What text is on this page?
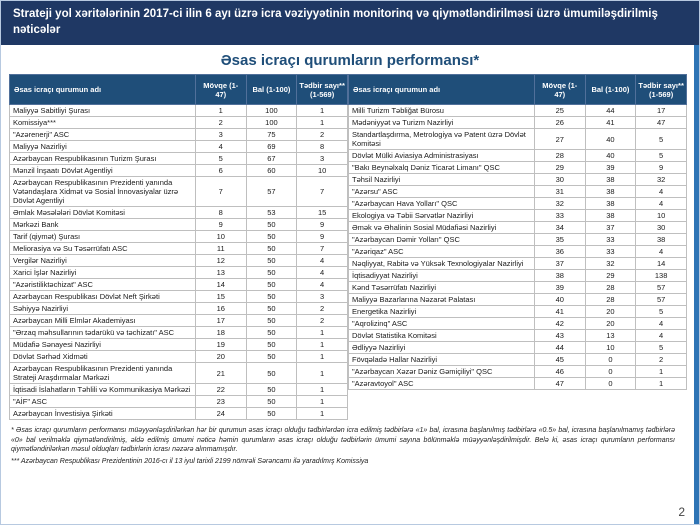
Strateji yol xəritələrinin 2017-ci ilin 6 ayı üzrə icra vəziyyətinin monitorinq və qiymətləndirilməsi üzrə ümumiləşdirilmiş nəticələr
Əsas icraçı qurumların performansı*
Əsas icraçı qurumun adı	Mövqe (1-47)	Bal (1-100)	Tədbir sayı** (1-569)
Maliyyə Sabitliyi Şurası	1	100	1
Komissiya***	2	100	1
"Azərenerji" ASC	3	75	2
Maliyyə Nazirliyi	4	69	8
Azərbaycan Respublikasının Turizm Şurası	5	67	3
Mənzil İnşaatı Dövlət Agentliyi	6	60	10
Azərbaycan Respublikasının Prezidenti yanında Vətəndaşlara Xidmət və Sosial İnnovasiyalar üzrə Dövlət Agentliyi	7	57	7
Əmlak Məsələləri Dövlət Komitəsi	8	53	15
Mərkəzi Bank	9	50	9
Tarif (qiymət) Şurası	10	50	9
Meliorasiya və Su Təsərrüfatı ASC	11	50	7
Vergilər Nazirliyi	12	50	4
Xarici İşlər Nazirliyi	13	50	4
"Azəristiliktəchizat" ASC	14	50	4
Azərbaycan Respublikası Dövlət Neft Şirkəti	15	50	3
Səhiyyə Nazirliyi	16	50	2
Azərbaycan Milli Elmlər Akademiyası	17	50	2
"Ərzaq məhsullarının tədarükü və təchizatı" ASC	18	50	1
Müdafiə Sənayesi Nazirliyi	19	50	1
Dövlət Sərhəd Xidməti	20	50	1
Azərbaycan Respublikasının Prezidenti yanında Strateji Araşdırmalar Mərkəzi	21	50	1
İqtisadi İslahatların Təhlili və Kommunikasiya Mərkəzi	22	50	1
"AİF" ASC	23	50	1
Azərbaycan İnvestisiya Şirkəti	24	50	1
Əsas icraçı qurumun adı	Mövqe (1-47)	Bal (1-100)	Tədbir sayı** (1-569)
Milli Turizm Təbliğat Bürosu	25	44	17
Mədəniyyət və Turizm Nazirliyi	26	41	47
Standartlaşdırma, Metrologiya və Patent üzrə Dövlət Komitəsi	27	40	5
Dövlət Mülki Aviasiya Administrasiyası	28	40	5
"Bakı Beynəlxalq Dəniz Ticarət Limanı" QSC	29	39	9
Təhsil Nazirliyi	30	38	32
"Azərsu" ASC	31	38	4
"Azərbaycan Hava Yolları" QSC	32	38	4
Ekologiya və Təbii Sərvətlər Nazirliyi	33	38	10
Əmək və Əhalinin Sosial Müdafiəsi Nazirliyi	34	37	30
"Azərbaycan Dəmir Yolları" QSC	35	33	38
"Azəriqaz" ASC	36	33	4
Nəqliyyat, Rabitə və Yüksək Texnologiyalar Nazirliyi	37	32	14
İqtisadiyyat Nazirliyi	38	29	138
Kənd Təsərrüfatı Nazirliyi	39	28	57
Maliyyə Bazarlarına Nəzarət Palatası	40	28	57
Energetika Nazirliyi	41	20	5
"Aqrolizinq" ASC	42	20	4
Dövlət Statistika Komitəsi	43	13	4
Ədliyyə Nazirliyi	44	10	5
Fövqəladə Hallar Nazirliyi	45	0	2
"Azərbaycan Xəzər Dəniz Gəmiçiliyi" QSC	46	0	1
"Azəravtoyol" ASC	47	0	1

* Əsas icraçı qurumların performansı müəyyənləşdirilərkən hər bir qurumun əsas icraçı olduğu tədbirlərdən icra edilmiş tədbirlərə «1» bal, icrasına başlanılmış tədbirlərə «0.5» bal, icrasına başlanılmamış tədbirlərə «0» bal verilməklə qiymətləndirilmiş, əldə edilmiş ümumi nəticə həmin qurumların əsas icraçı olduğu tədbirlərin ümumi sayına bölünməklə müəyyənləşdirilmişdir. Belə ki, əsas icraçı qurumların performansı qiymətləndirilərkən məsul olduqları tədbirlərin icrası nəzərə alınmamışdır.

*** Azərbaycan Respublikası Prezidentinin 2016-cı il 13 iyul tarixli 2199 nömrəli Sərəncamı ilə yaradılmış Komissiya

2
